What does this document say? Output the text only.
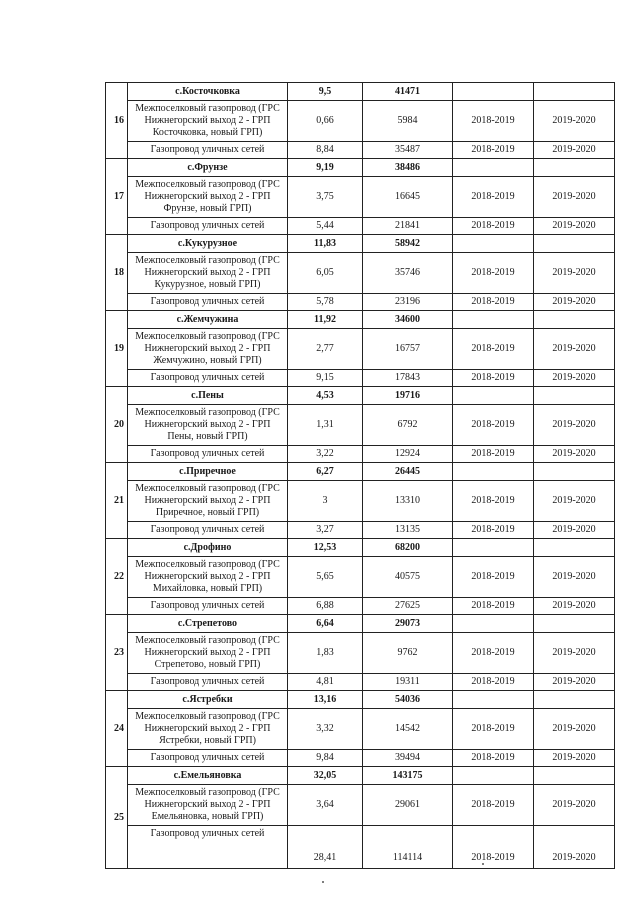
16	с.Косточковка	9,5	41471		
	Межпоселковый газопровод (ГРС Нижнегорский выход 2 - ГРП Косточковка, новый ГРП)	0,66	5984	2018-2019	2019-2020
	Газопровод уличных сетей	8,84	35487	2018-2019	2019-2020
17	с.Фрунзе	9,19	38486		
	Межпоселковый газопровод (ГРС Нижнегорский выход 2 - ГРП Фрунзе, новый ГРП)	3,75	16645	2018-2019	2019-2020
	Газопровод уличных сетей	5,44	21841	2018-2019	2019-2020
18	с.Кукурузное	11,83	58942		
	Межпоселковый газопровод (ГРС Нижнегорский выход 2 - ГРП Кукурузное, новый ГРП)	6,05	35746	2018-2019	2019-2020
	Газопровод уличных сетей	5,78	23196	2018-2019	2019-2020
19	с.Жемчужина	11,92	34600		
	Межпоселковый газопровод (ГРС Нижнегорский выход 2 - ГРП Жемчужино, новый ГРП)	2,77	16757	2018-2019	2019-2020
	Газопровод уличных сетей	9,15	17843	2018-2019	2019-2020
20	с.Пены	4,53	19716		
	Межпоселковый газопровод (ГРС Нижнегорский выход 2 - ГРП Пены, новый ГРП)	1,31	6792	2018-2019	2019-2020
	Газопровод уличных сетей	3,22	12924	2018-2019	2019-2020
21	с.Приречное	6,27	26445		
	Межпоселковый газопровод (ГРС Нижнегорский выход 2 - ГРП Приречное, новый ГРП)	3	13310	2018-2019	2019-2020
	Газопровод уличных сетей	3,27	13135	2018-2019	2019-2020
22	с.Дрофино	12,53	68200		
	Межпоселковый газопровод (ГРС Нижнегорский выход 2 - ГРП Михайловка, новый ГРП)	5,65	40575	2018-2019	2019-2020
	Газопровод уличных сетей	6,88	27625	2018-2019	2019-2020
23	с.Стрепетово	6,64	29073		
	Межпоселковый газопровод (ГРС Нижнегорский выход 2 - ГРП Стрепетово, новый ГРП)	1,83	9762	2018-2019	2019-2020
	Газопровод уличных сетей	4,81	19311	2018-2019	2019-2020
24	с.Ястребки	13,16	54036		
	Межпоселковый газопровод (ГРС Нижнегорский выход 2 - ГРП Ястребки, новый ГРП)	3,32	14542	2018-2019	2019-2020
	Газопровод уличных сетей	9,84	39494	2018-2019	2019-2020
25	с.Емельяновка	32,05	143175		
	Межпоселковый газопровод (ГРС Нижнегорский выход 2 - ГРП Емельяновка, новый ГРП)	3,64	29061	2018-2019	2019-2020
	Газопровод уличных сетей	28,41	114114	2018-2019	2019-2020
